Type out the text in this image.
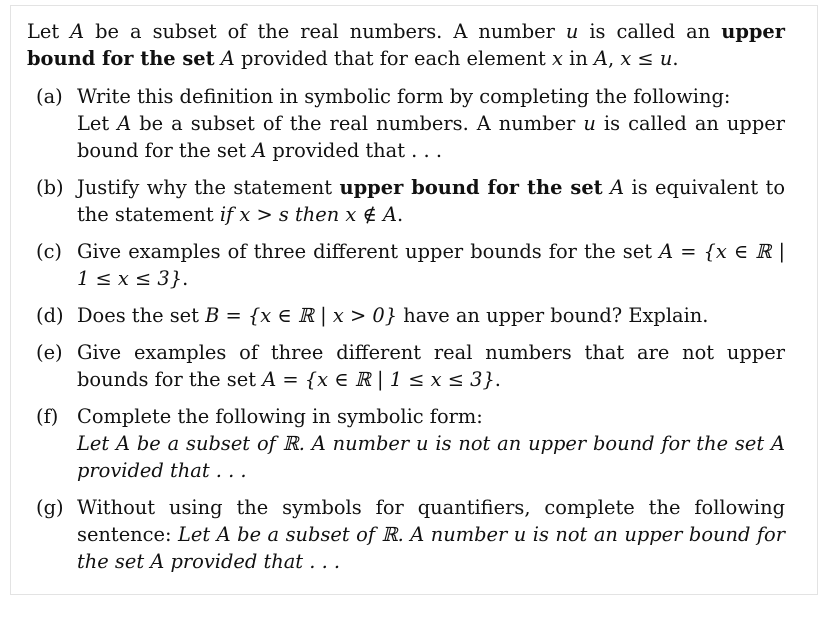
Let A be a subset of the real numbers. A number u is called an upper bound for the set A provided that for each element x in A, x ≤ u.

(a) Write this definition in symbolic form by completing the following:
Let A be a subset of the real numbers. A number u is called an upper bound for the set A provided that . . .
(b) Justify why the statement upper bound for the set A is equivalent to the statement if x > s then x ∉ A.
(c) Give examples of three different upper bounds for the set A = {x ∈ ℝ | 1 ≤ x ≤ 3}.
(d) Does the set B = {x ∈ ℝ | x > 0} have an upper bound? Explain.
(e) Give examples of three different real numbers that are not upper bounds for the set A = {x ∈ ℝ | 1 ≤ x ≤ 3}.
(f) Complete the following in symbolic form:
Let A be a subset of ℝ. A number u is not an upper bound for the set A provided that . . .
(g) Without using the symbols for quantifiers, complete the following sentence: Let A be a subset of ℝ. A number u is not an upper bound for the set A provided that . . .
